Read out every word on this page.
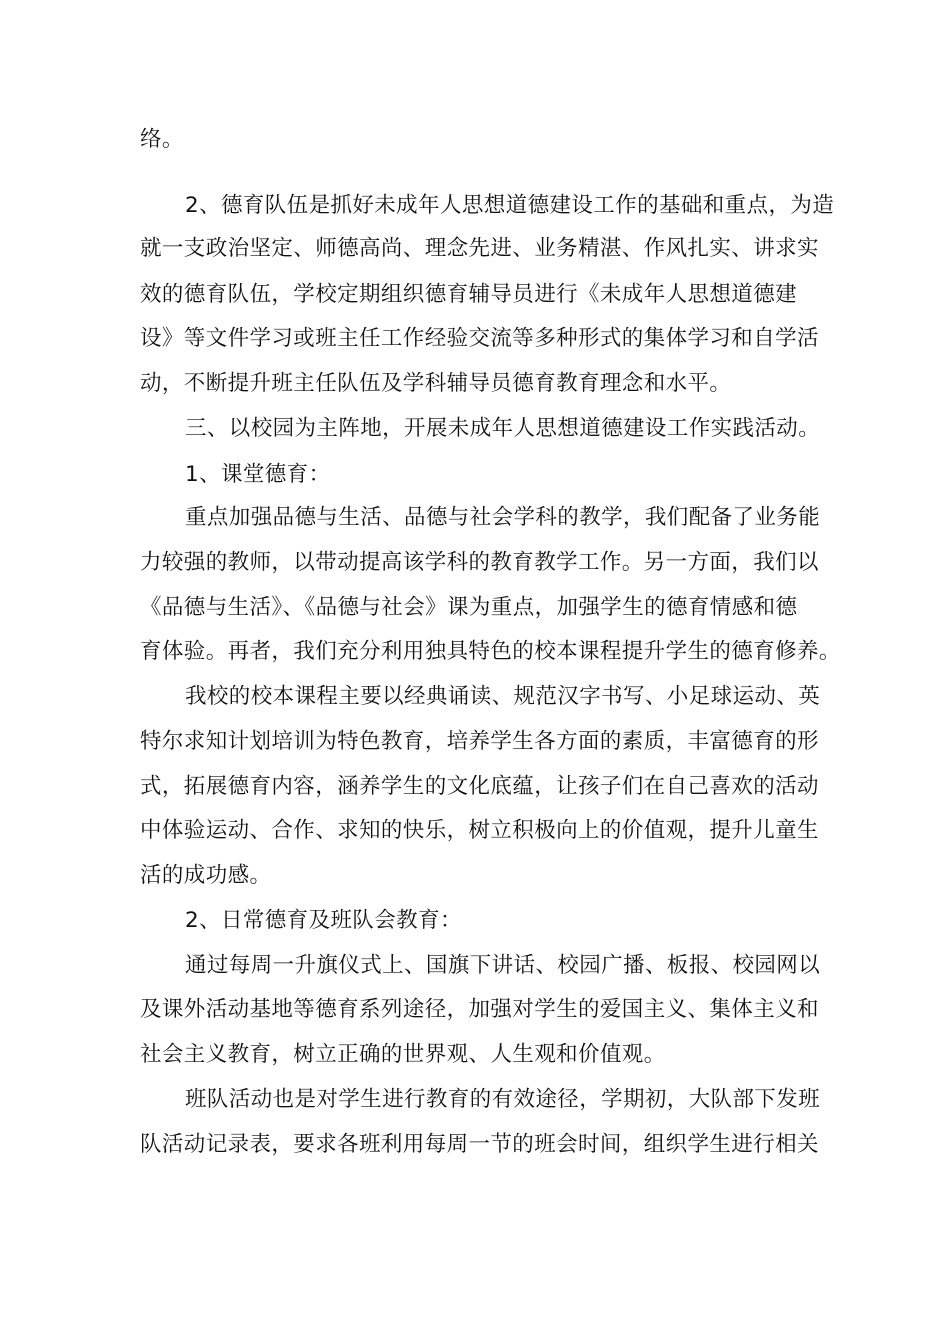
络。
2、德育队伍是抓好未成年人思想道德建设工作的基础和重点，为造
就一支政治坚定、师德高尚、理念先进、业务精湛、作风扎实、讲求实
效的德育队伍，学校定期组织德育辅导员进行《未成年人思想道德建
设》等文件学习或班主任工作经验交流等多种形式的集体学习和自学活
动，不断提升班主任队伍及学科辅导员德育教育理念和水平。
三、以校园为主阵地，开展未成年人思想道德建设工作实践活动。
1、课堂德育：
重点加强品德与生活、品德与社会学科的教学，我们配备了业务能
力较强的教师，以带动提高该学科的教育教学工作。另一方面，我们以
《品德与生活》、《品德与社会》课为重点，加强学生的德育情感和德
育体验。再者，我们充分利用独具特色的校本课程提升学生的德育修养。
我校的校本课程主要以经典诵读、规范汉字书写、小足球运动、英
特尔求知计划培训为特色教育，培养学生各方面的素质，丰富德育的形
式，拓展德育内容，涵养学生的文化底蕴，让孩子们在自己喜欢的活动
中体验运动、合作、求知的快乐，树立积极向上的价值观，提升儿童生
活的成功感。
2、日常德育及班队会教育：
通过每周一升旗仪式上、国旗下讲话、校园广播、板报、校园网以
及课外活动基地等德育系列途径，加强对学生的爱国主义、集体主义和
社会主义教育，树立正确的世界观、人生观和价值观。
班队活动也是对学生进行教育的有效途径，学期初，大队部下发班
队活动记录表，要求各班利用每周一节的班会时间，组织学生进行相关
